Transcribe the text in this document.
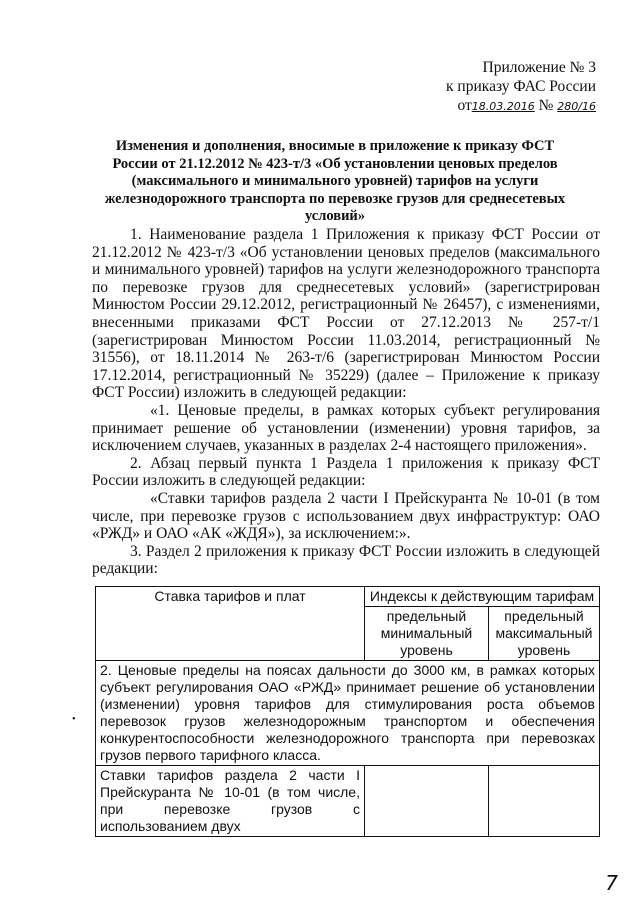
Приложение № 3
к приказу ФАС России
от18.03.2016 № 280/16
Изменения и дополнения, вносимые в приложение к приказу ФСТ России от 21.12.2012 № 423-т/3 «Об установлении ценовых пределов (максимального и минимального уровней) тарифов на услуги железнодорожного транспорта по перевозке грузов для среднесетевых условий»

1. Наименование раздела 1 Приложения к приказу ФСТ России от 21.12.2012 № 423-т/3 «Об установлении ценовых пределов (максимального и минимального уровней) тарифов на услуги железнодорожного транспорта по перевозке грузов для среднесетевых условий» (зарегистрирован Минюстом России 29.12.2012, регистрационный № 26457), с изменениями, внесенными приказами ФСТ России от 27.12.2013 № 257-т/1 (зарегистрирован Минюстом России 11.03.2014, регистрационный № 31556), от 18.11.2014 № 263-т/6 (зарегистрирован Минюстом России 17.12.2014, регистрационный № 35229) (далее – Приложение к приказу ФСТ России) изложить в следующей редакции:

«1. Ценовые пределы, в рамках которых субъект регулирования принимает решение об установлении (изменении) уровня тарифов, за исключением случаев, указанных в разделах 2-4 настоящего приложения».

2. Абзац первый пункта 1 Раздела 1 приложения к приказу ФСТ России изложить в следующей редакции:

«Ставки тарифов раздела 2 части I Прейскуранта № 10-01 (в том числе, при перевозке грузов с использованием двух инфраструктур: ОАО «РЖД» и ОАО «АК «ЖДЯ»), за исключением:».

3. Раздел 2 приложения к приказу ФСТ России изложить в следующей редакции:

Ставка тарифов и плат	Индексы к действующим тарифам	
	предельный минимальный уровень	предельный максимальный уровень
2. Ценовые пределы на поясах дальности до 3000 км, в рамках которых субъект регулирования ОАО «РЖД» принимает решение об установлении (изменении) уровня тарифов для стимулирования роста объемов перевозок грузов железнодорожным транспортом и обеспечения конкурентоспособности железнодорожного транспорта при перевозках грузов первого тарифного класса.		
Ставки тарифов раздела 2 части I Прейскуранта № 10-01 (в том числе, при перевозке грузов с использованием двух		
•
7
